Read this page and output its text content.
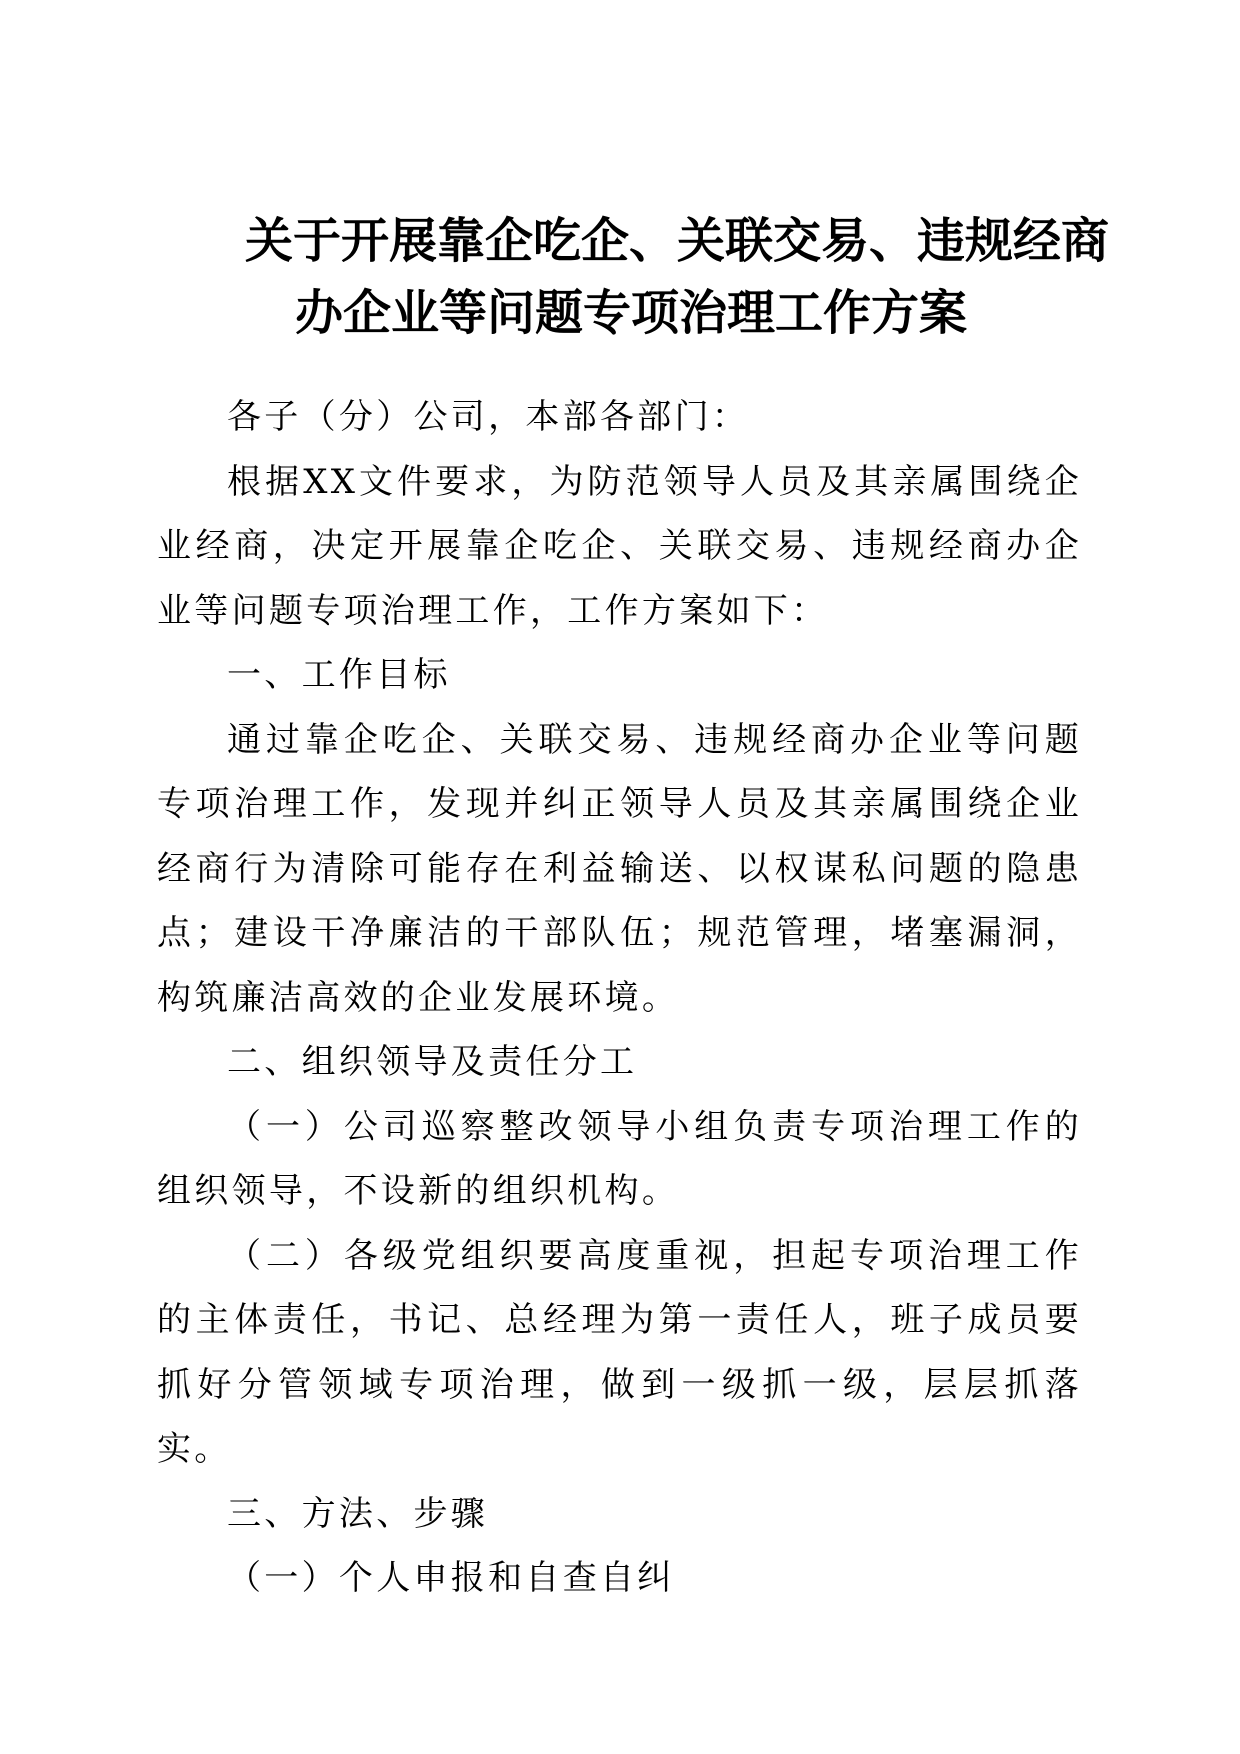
关于开展靠企吃企、关联交易、违规经商
办企业等问题专项治理工作方案

各子（分）公司，本部各部门：

根据XX文件要求，为防范领导人员及其亲属围绕企业经商，决定开展靠企吃企、关联交易、违规经商办企业等问题专项治理工作，工作方案如下：

一、工作目标

通过靠企吃企、关联交易、违规经商办企业等问题专项治理工作，发现并纠正领导人员及其亲属围绕企业经商行为清除可能存在利益输送、以权谋私问题的隐患点；建设干净廉洁的干部队伍；规范管理，堵塞漏洞，构筑廉洁高效的企业发展环境。

二、组织领导及责任分工

（一）公司巡察整改领导小组负责专项治理工作的组织领导，不设新的组织机构。

（二）各级党组织要高度重视，担起专项治理工作的主体责任，书记、总经理为第一责任人，班子成员要抓好分管领域专项治理，做到一级抓一级，层层抓落实。

三、方法、步骤

（一）个人申报和自查自纠
